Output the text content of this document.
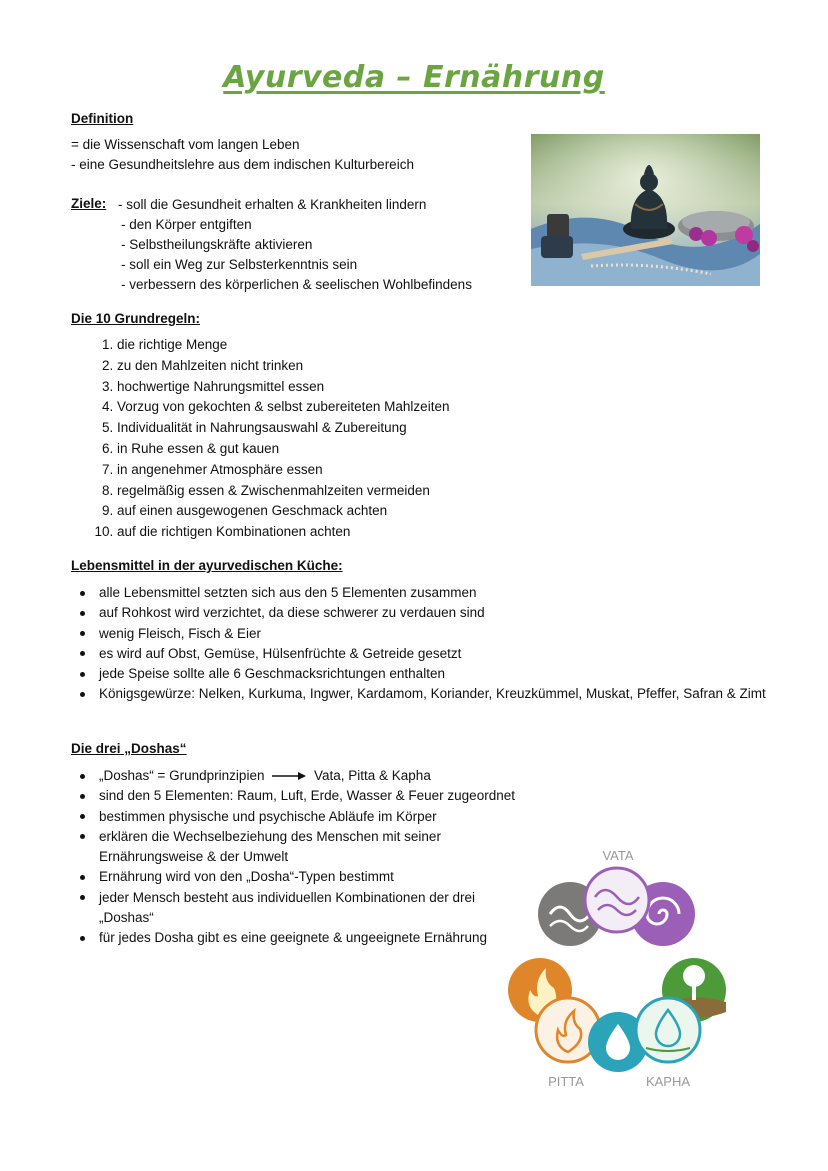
Ayurveda – Ernährung
Definition
= die Wissenschaft vom langen Leben
- eine Gesundheitslehre aus dem indischen Kulturbereich
Ziele: - soll die Gesundheit erhalten & Krankheiten lindern
- den Körper entgiften
- Selbstheilungskräfte aktivieren
- soll ein Weg zur Selbsterkenntnis sein
- verbessern des körperlichen & seelischen Wohlbefindens
Die 10 Grundregeln:
1. die richtige Menge
2. zu den Mahlzeiten nicht trinken
3. hochwertige Nahrungsmittel essen
4. Vorzug von gekochten & selbst zubereiteten Mahlzeiten
5. Individualität in Nahrungsauswahl & Zubereitung
6. in Ruhe essen & gut kauen
7. in angenehmer Atmosphäre essen
8. regelmäßig essen & Zwischenmahlzeiten vermeiden
9. auf einen ausgewogenen Geschmack achten
10. auf die richtigen Kombinationen achten
Lebensmittel in der ayurvedischen Küche:
alle Lebensmittel setzten sich aus den 5 Elementen zusammen
auf Rohkost wird verzichtet, da diese schwerer zu verdauen sind
wenig Fleisch, Fisch & Eier
es wird auf Obst, Gemüse, Hülsenfrüchte & Getreide gesetzt
jede Speise sollte alle 6 Geschmacksrichtungen enthalten
Königsgewürze: Nelken, Kurkuma, Ingwer, Kardamom, Koriander, Kreuzkümmel, Muskat, Pfeffer, Safran & Zimt
Die drei „Doshas“
„Doshas“ = Grundprinzipien	Vata, Pitta & Kapha
sind den 5 Elementen: Raum, Luft, Erde, Wasser & Feuer zugeordnet
bestimmen physische und psychische Abläufe im Körper
erklären die Wechselbeziehung des Menschen mit seiner Ernährungsweise & der Umwelt
Ernährung wird von den „Dosha“-Typen bestimmt
jeder Mensch besteht aus individuellen Kombinationen der drei „Doshas“
für jedes Dosha gibt es eine geeignete & ungeeignete Ernährung
VATA
PITTA	KAPHA
